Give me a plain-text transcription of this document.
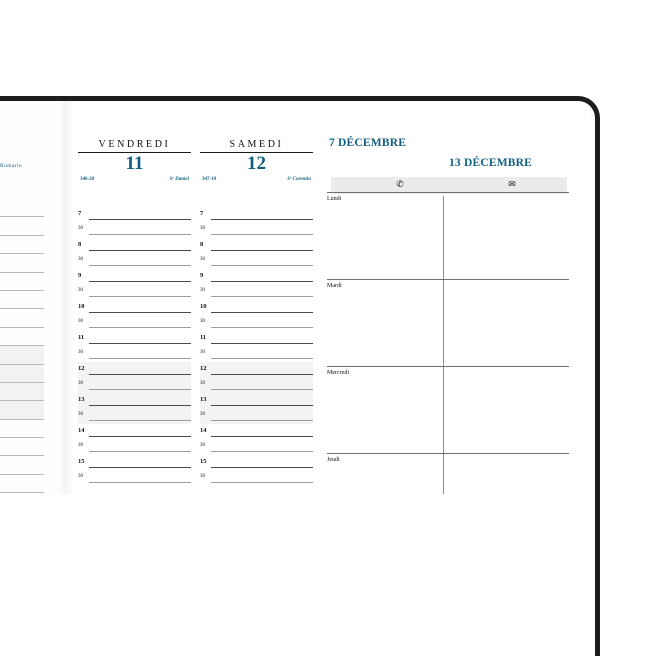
Romarin
VENDREDI
11
346-20	Sᵉ Daniel
7
30
8
30
9
30
10
30
11
30
12
30
13
30
14
30
15
30
SAMEDI
12
347-19	Sᵉ Corentin
7
30
8
30
9
30
10
30
11
30
12
30
13
30
14
30
15
30
7 DÉCEMBRE
13 DÉCEMBRE
✆	✉
Lundi
Mardi
Mercredi
Jeudi
